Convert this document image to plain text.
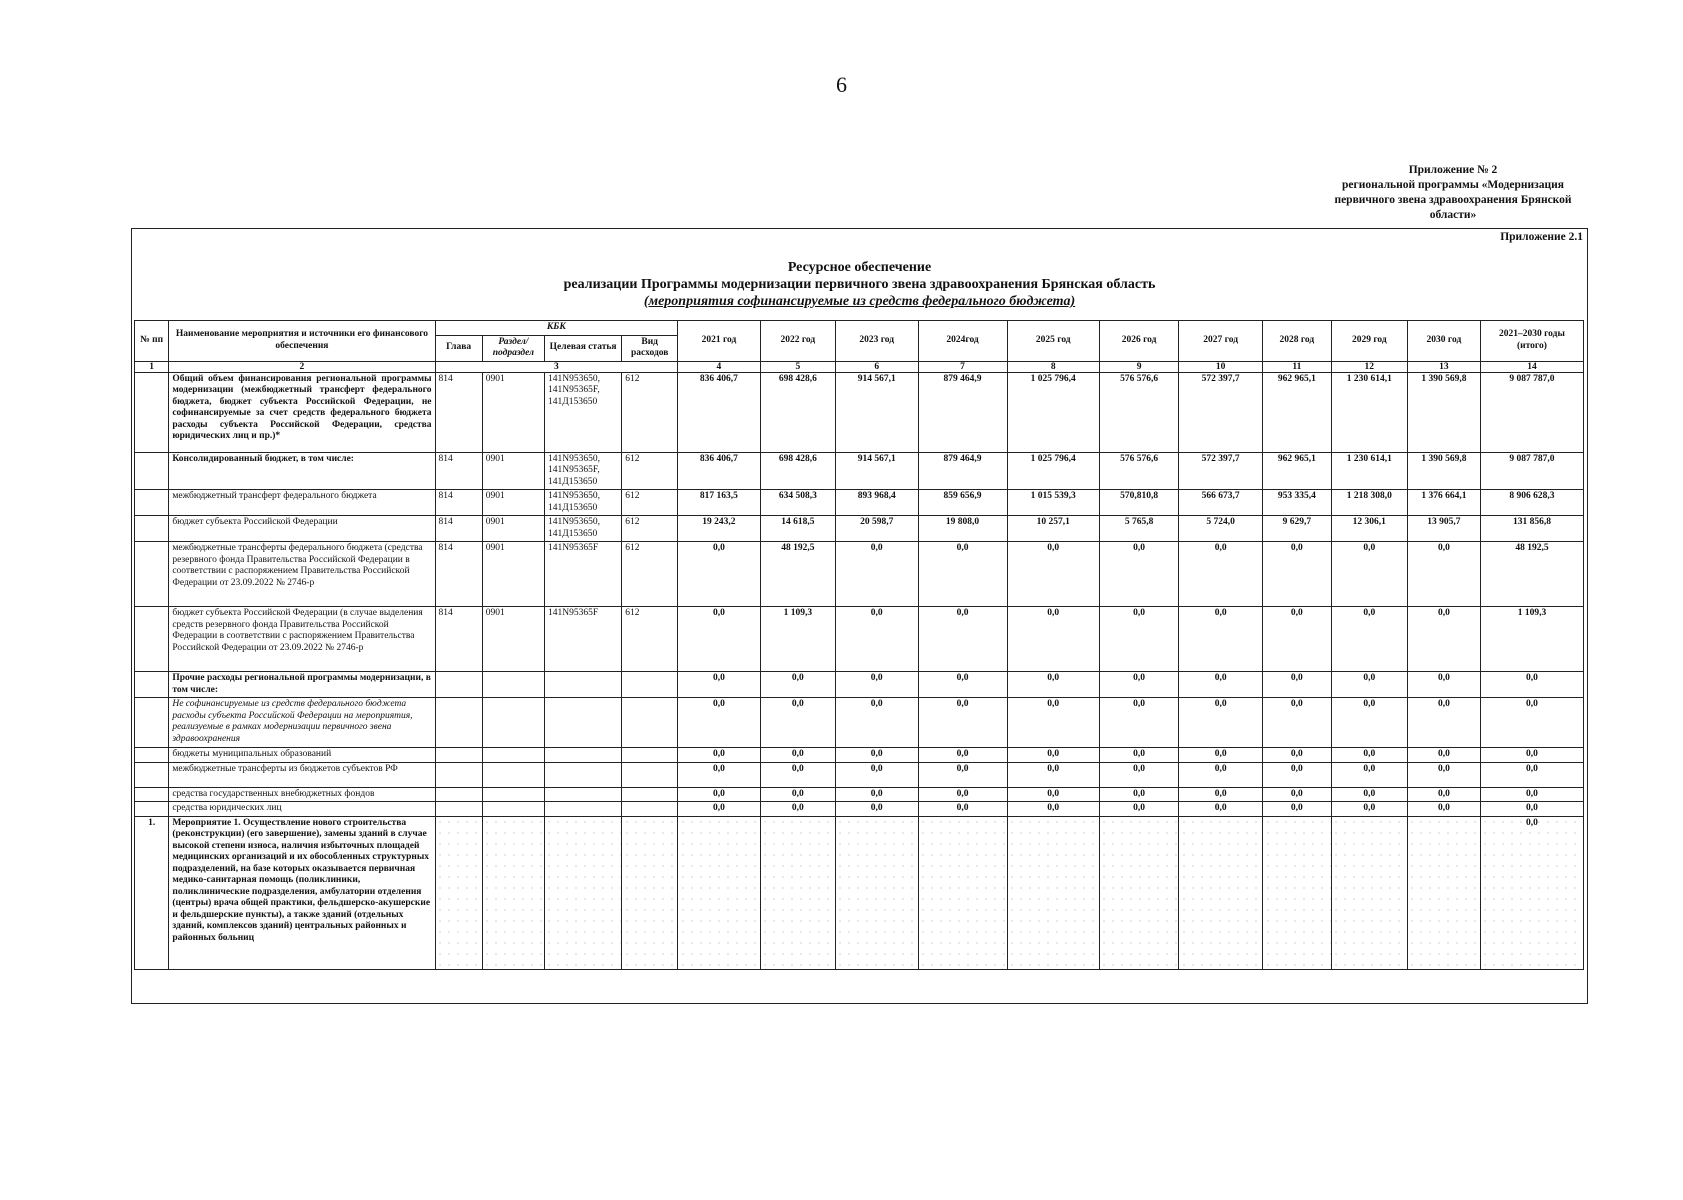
6
Приложение № 2
региональной программы «Модернизация
первичного звена здравоохранения Брянской
области»
Приложение 2.1
Ресурсное обеспечение
реализации Программы модернизации первичного звена здравоохранения Брянская область
(мероприятия софинансируемые из средств федерального бюджета)
№ пп	Наименование мероприятия и источники его финансового обеспечения	КБК				2021 год	2022 год	2023 год	2024год	2025 год	2026 год	2027 год	2028 год	2029 год	2030 год	2021–2030 годы (итого)
		Глава	Раздел/ подраздел	Целевая статья	Вид расходов											
1	2	3				4	5	6	7	8	9	10	11	12	13	14
	Общий объем финансирования региональной программы модернизации (межбюджетный трансферт федерального бюджета, бюджет субъекта Российской Федерации, не софинансируемые за счет средств федерального бюджета расходы субъекта Российской Федерации, средства юридических лиц и пр.)*	814	0901	141N953650, 141N95365F, 141Д153650	612	836 406,7	698 428,6	914 567,1	879 464,9	1 025 796,4	576 576,6	572 397,7	962 965,1	1 230 614,1	1 390 569,8	9 087 787,0
	Консолидированный бюджет, в том числе:	814	0901	141N953650, 141N95365F, 141Д153650	612	836 406,7	698 428,6	914 567,1	879 464,9	1 025 796,4	576 576,6	572 397,7	962 965,1	1 230 614,1	1 390 569,8	9 087 787,0
	межбюджетный трансферт федерального бюджета	814	0901	141N953650, 141Д153650	612	817 163,5	634 508,3	893 968,4	859 656,9	1 015 539,3	570,810,8	566 673,7	953 335,4	1 218 308,0	1 376 664,1	8 906 628,3
	бюджет субъекта Российской Федерации	814	0901	141N953650, 141Д153650	612	19 243,2	14 618,5	20 598,7	19 808,0	10 257,1	5 765,8	5 724,0	9 629,7	12 306,1	13 905,7	131 856,8
	межбюджетные трансферты федерального бюджета (средства резервного фонда Правительства Российской Федерации в соответствии с распоряжением Правительства Российской Федерации от 23.09.2022 № 2746-р	814	0901	141N95365F	612	0,0	48 192,5	0,0	0,0	0,0	0,0	0,0	0,0	0,0	0,0	48 192,5
	бюджет субъекта Российской Федерации (в случае выделения средств резервного фонда Правительства Российской Федерации в соответствии с распоряжением Правительства Российской Федерации от 23.09.2022 № 2746-р	814	0901	141N95365F	612	0,0	1 109,3	0,0	0,0	0,0	0,0	0,0	0,0	0,0	0,0	1 109,3
	Прочие расходы региональной программы модернизации, в том числе:					0,0	0,0	0,0	0,0	0,0	0,0	0,0	0,0	0,0	0,0	0,0
	Не софинансируемые из средств федерального бюджета расходы субъекта Российской Федерации на мероприятия, реализуемые в рамках модернизации первичного звена здравоохранения					0,0	0,0	0,0	0,0	0,0	0,0	0,0	0,0	0,0	0,0	0,0
	бюджеты муниципальных образований					0,0	0,0	0,0	0,0	0,0	0,0	0,0	0,0	0,0	0,0	0,0
	межбюджетные трансферты из бюджетов субъектов РФ					0,0	0,0	0,0	0,0	0,0	0,0	0,0	0,0	0,0	0,0	0,0
	средства государственных внебюджетных фондов					0,0	0,0	0,0	0,0	0,0	0,0	0,0	0,0	0,0	0,0	0,0
	средства юридических лиц					0,0	0,0	0,0	0,0	0,0	0,0	0,0	0,0	0,0	0,0	0,0
1.	Мероприятие 1. Осуществление нового строительства (реконструкции) (его завершение), замены зданий в случае высокой степени износа, наличия избыточных площадей медицинских организаций и их обособленных структурных подразделений, на базе которых оказывается первичная медико-санитарная помощь (поликлиники, поликлинические подразделения, амбулатории отделения (центры) врача общей практики, фельдшерско-акушерские и фельдшерские пункты), а также зданий (отдельных зданий, комплексов зданий) центральных районных и районных больниц															0,0
